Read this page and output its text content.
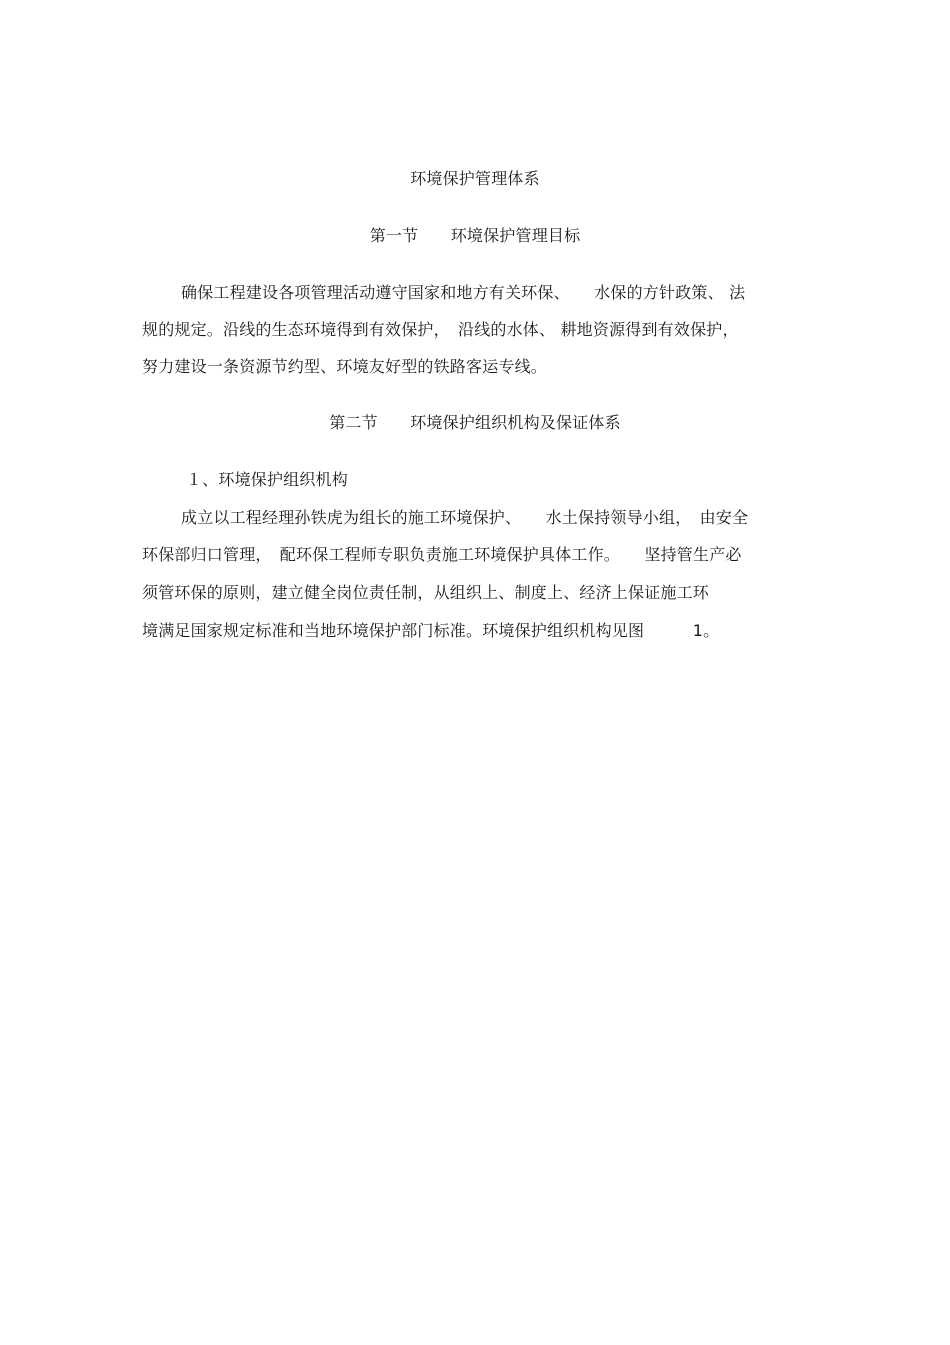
环境保护管理体系
第一节　　环境保护管理目标
确保工程建设各项管理活动遵守国家和地方有关环保、　　水保的方针政策、 法
规的规定。沿线的生态环境得到有效保护，　沿线的水体、 耕地资源得到有效保护，
努力建设一条资源节约型、环境友好型的铁路客运专线。
第二节　　环境保护组织机构及保证体系
１、环境保护组织机构
成立以工程经理孙铁虎为组长的施工环境保护、　　水土保持领导小组，　由安全
环保部归口管理，　配环保工程师专职负责施工环境保护具体工作。　　坚持管生产必
须管环保的原则，建立健全岗位责任制，从组织上、制度上、经济上保证施工环
境满足国家规定标准和当地环境保护部门标准。环境保护组织机构见图　　　1。
